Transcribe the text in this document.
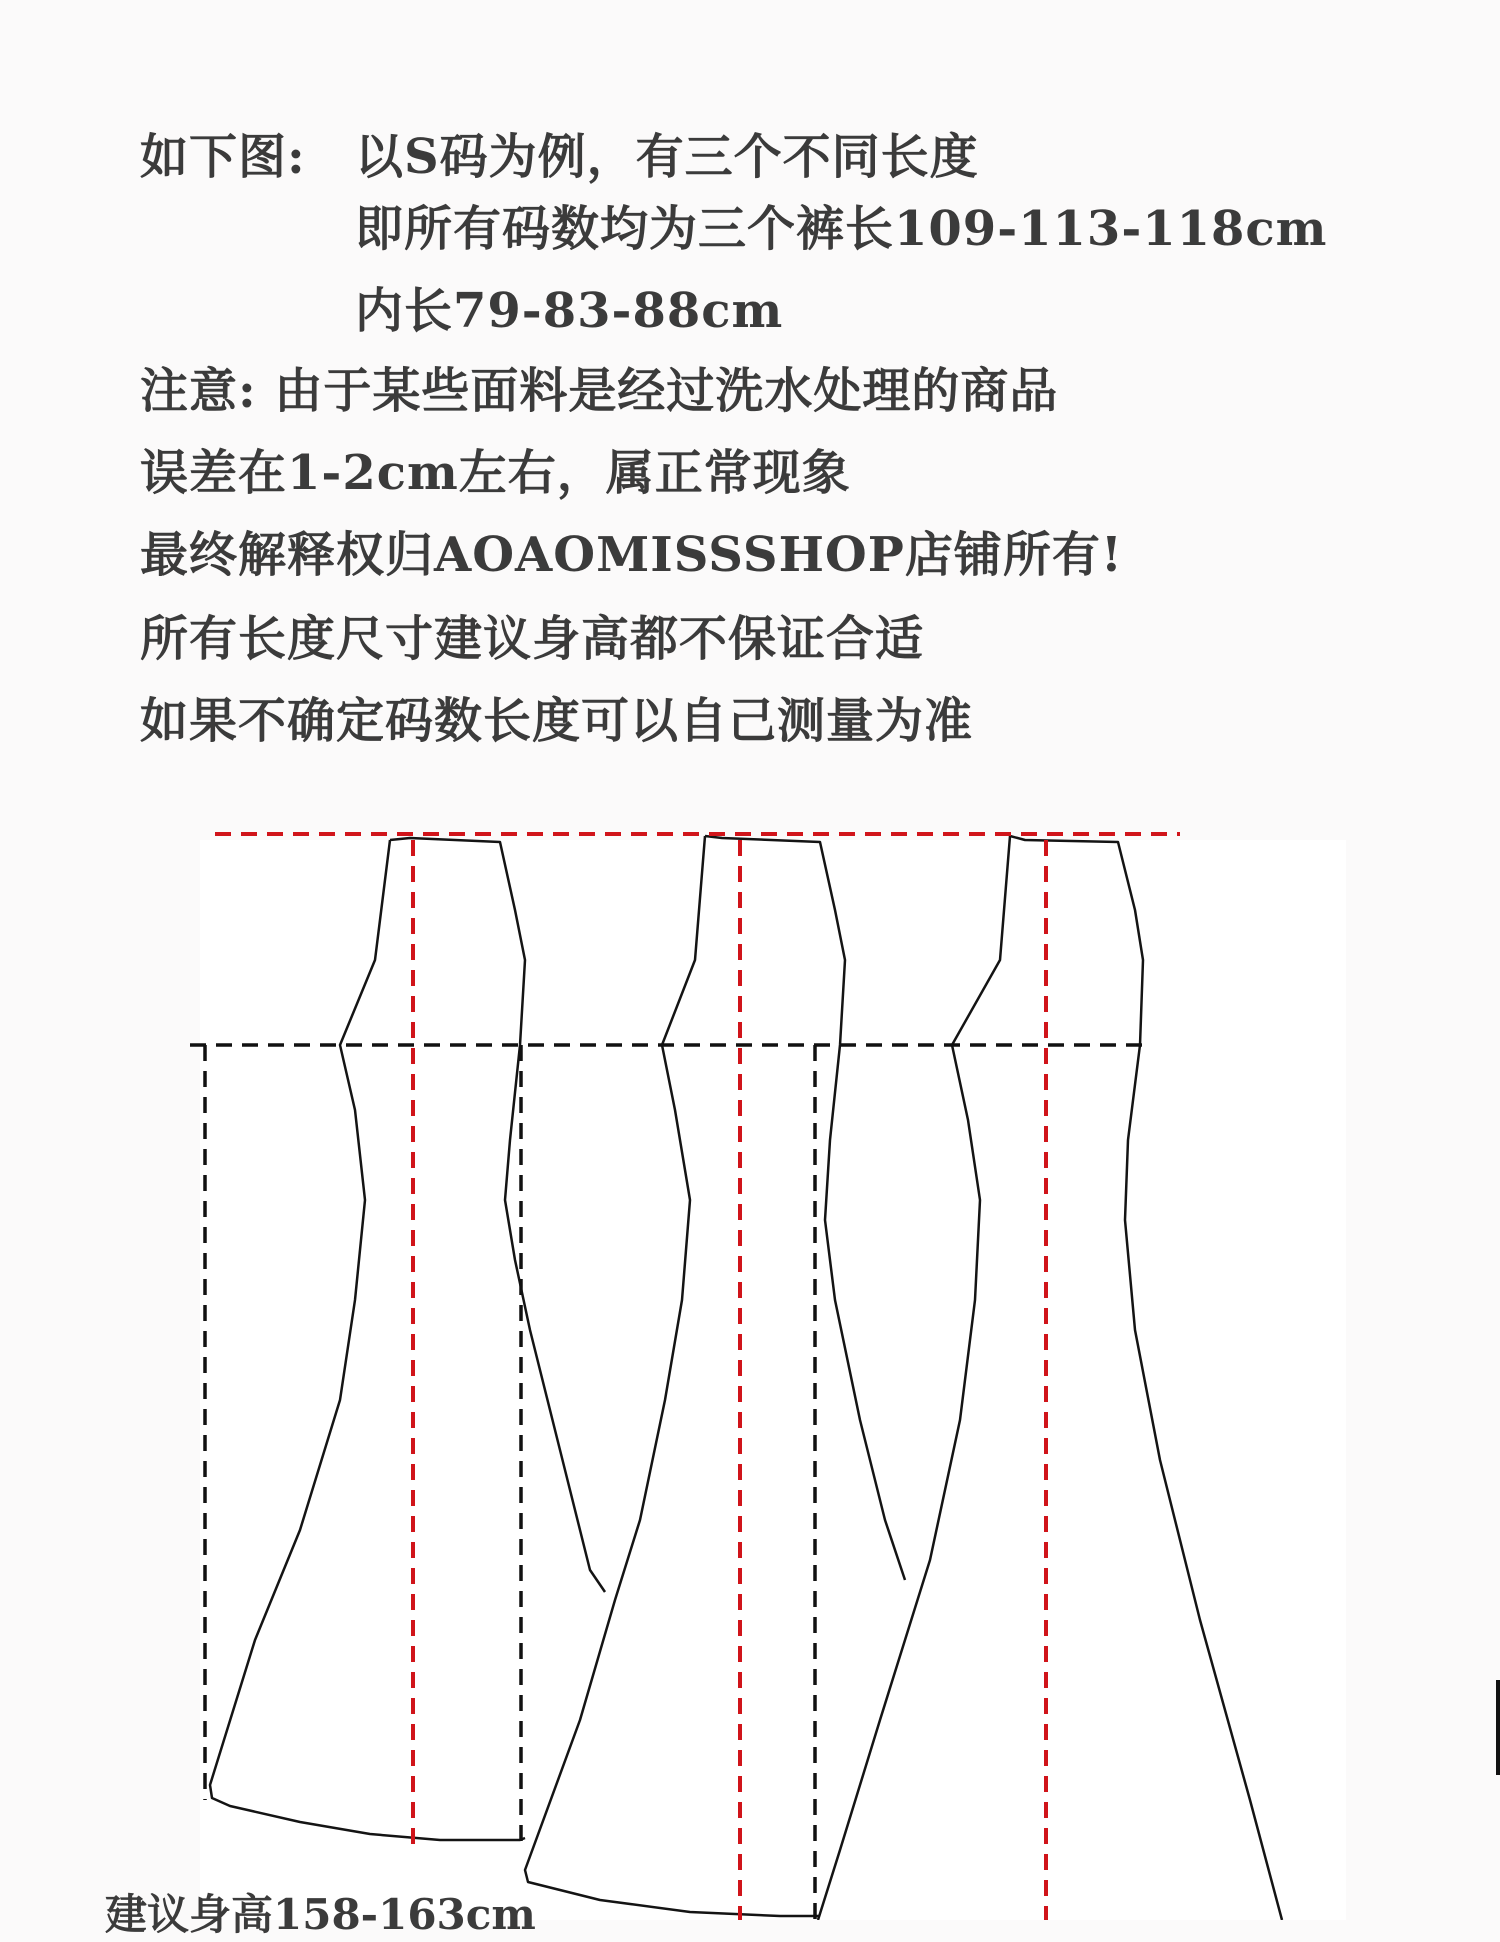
如下图: 以S码为例，有三个不同长度
即所有码数均为三个裤长109-113-118cm
内长79-83-88cm
注意: 由于某些面料是经过洗水处理的商品
误差在1-2cm左右，属正常现象
最终解释权归AOAOMISSSHOP店铺所有!
所有长度尺寸建议身高都不保证合适
如果不确定码数长度可以自己测量为准
建议身高158-163cm
